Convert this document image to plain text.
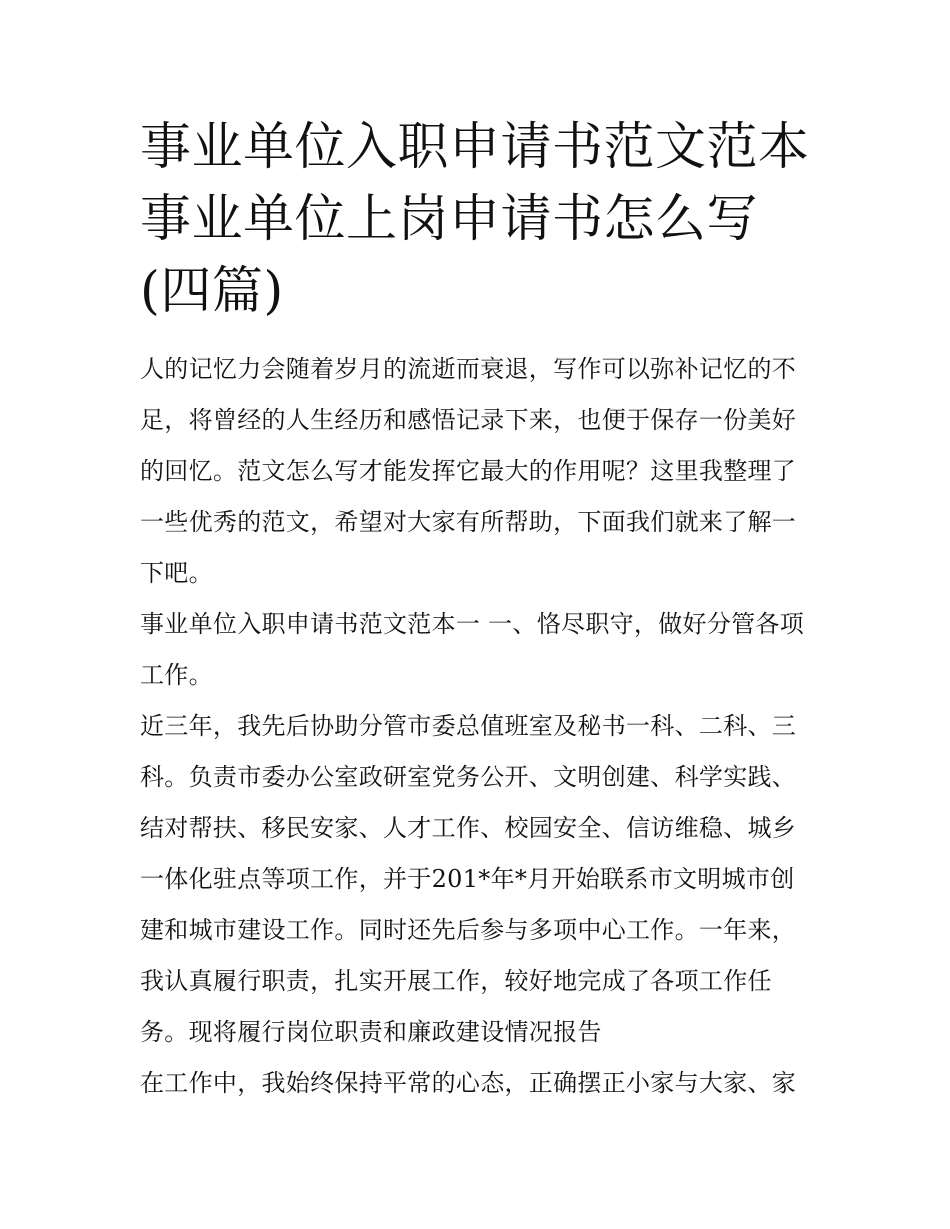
事业单位入职申请书范文范本事业单位上岗申请书怎么写(四篇)

人的记忆力会随着岁月的流逝而衰退，写作可以弥补记忆的不足，将曾经的人生经历和感悟记录下来，也便于保存一份美好的回忆。范文怎么写才能发挥它最大的作用呢？这里我整理了一些优秀的范文，希望对大家有所帮助，下面我们就来了解一下吧。

事业单位入职申请书范文范本一 一、恪尽职守，做好分管各项工作。

近三年，我先后协助分管市委总值班室及秘书一科、二科、三科。负责市委办公室政研室党务公开、文明创建、科学实践、结对帮扶、移民安家、人才工作、校园安全、信访维稳、城乡一体化驻点等项工作，并于201*年*月开始联系市文明城市创建和城市建设工作。同时还先后参与多项中心工作。一年来，我认真履行职责，扎实开展工作，较好地完成了各项工作任务。现将履行岗位职责和廉政建设情况报告

在工作中，我始终保持平常的心态，正确摆正小家与大家、家
